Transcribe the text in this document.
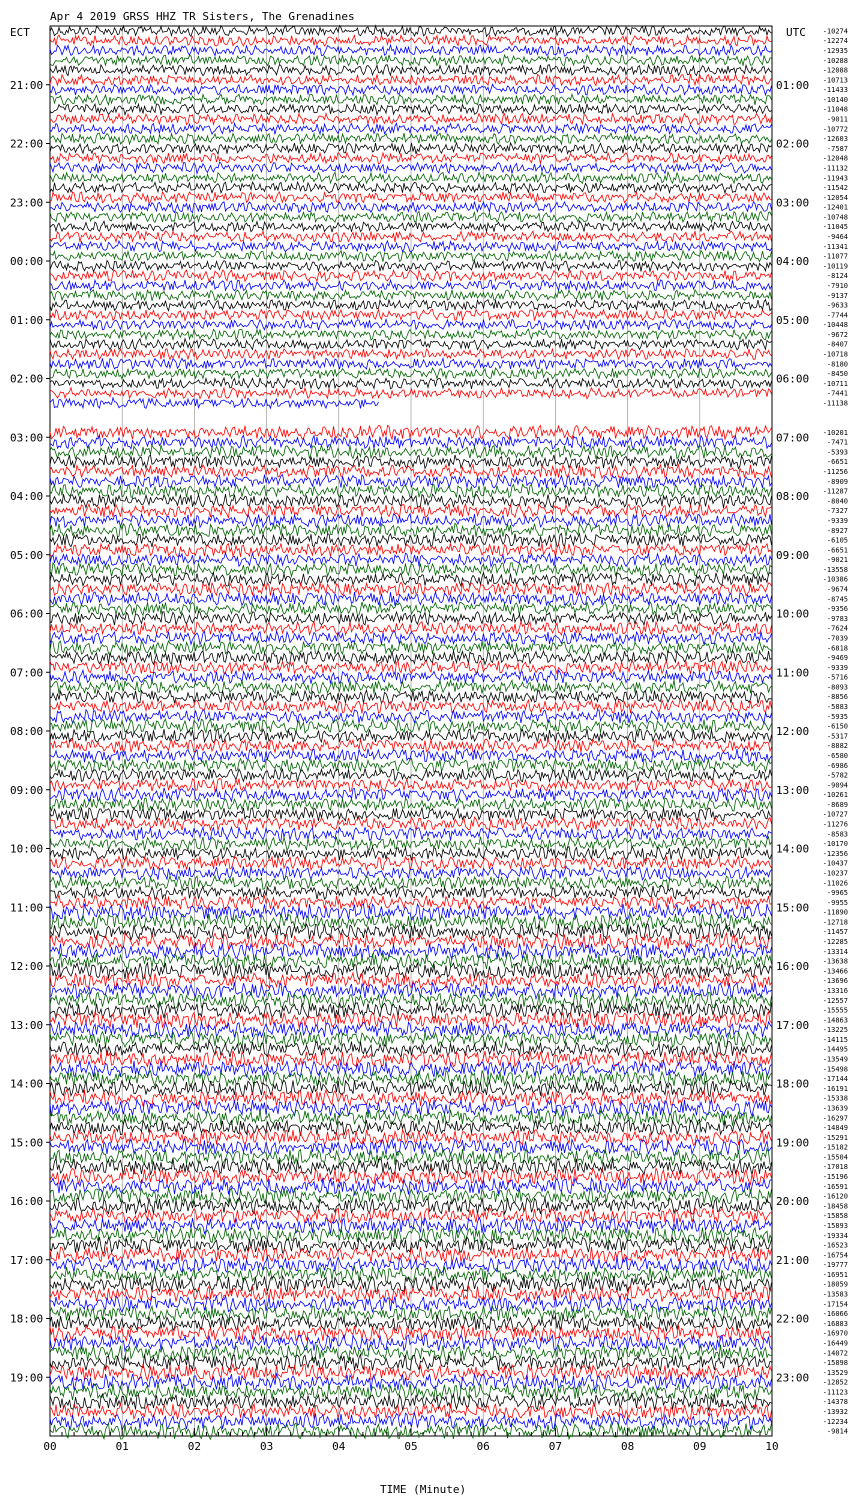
Apr 4 2019 GRSS HHZ TR Sisters, The Grenadines
ECT	UTC
21:00
22:00
23:00
00:00
01:00
02:00
03:00
04:00
05:00
06:00
07:00
08:00
09:00
10:00
11:00
12:00
13:00
14:00
15:00
16:00
17:00
18:00
19:00
01:00
02:00
03:00
04:00
05:00
06:00
07:00
08:00
09:00
10:00
11:00
12:00
13:00
14:00
15:00
16:00
17:00
18:00
19:00
20:00
21:00
22:00
23:00
-10274
-12274
-12935
-10288
-12088
-10713
-11433
-10140
-11048
-9011
-10772
-12603
-7587
-12048
-11132
-11943
-11542
-12054
-12401
-10748
-11045
-9464
-11341
-11077
-10119
-8124
-7910
-9137
-9633
-7744
-10448
-9672
-8407
-10718
-8180
-8450
-10711
-7441
-11138
-10201
-7471
-5393
-6651
-11256
-8909
-11287
-8040
-7327
-9339
-8927
-6105
-6651
-9021
-13558
-10386
-9674
-8745
-9356
-9783
-7624
-7039
-6818
-9469
-9339
-5716
-8093
-8856
-5883
-5935
-6150
-5317
-8882
-6580
-6986
-5782
-9094
-10261
-8689
-10727
-11276
-8583
-10170
-12356
-10437
-10237
-11026
-9965
-9955
-11890
-12718
-11457
-12285
-13314
-13638
-13466
-13696
-13316
-12557
-15555
-14863
-13225
-14115
-14495
-13549
-15498
-17144
-16191
-15338
-13639
-16297
-14849
-15291
-15182
-15504
-17018
-15196
-16591
-16120
-18458
-15858
-15893
-19334
-16523
-16754
-19777
-16951
-18059
-13583
-17154
-16066
-16883
-16970
-16449
-14072
-15898
-13529
-12852
-11123
-14378
-13932
-12234
-9814
00	01	02	03	04	05	06	07	08	09	10
TIME (Minute)
